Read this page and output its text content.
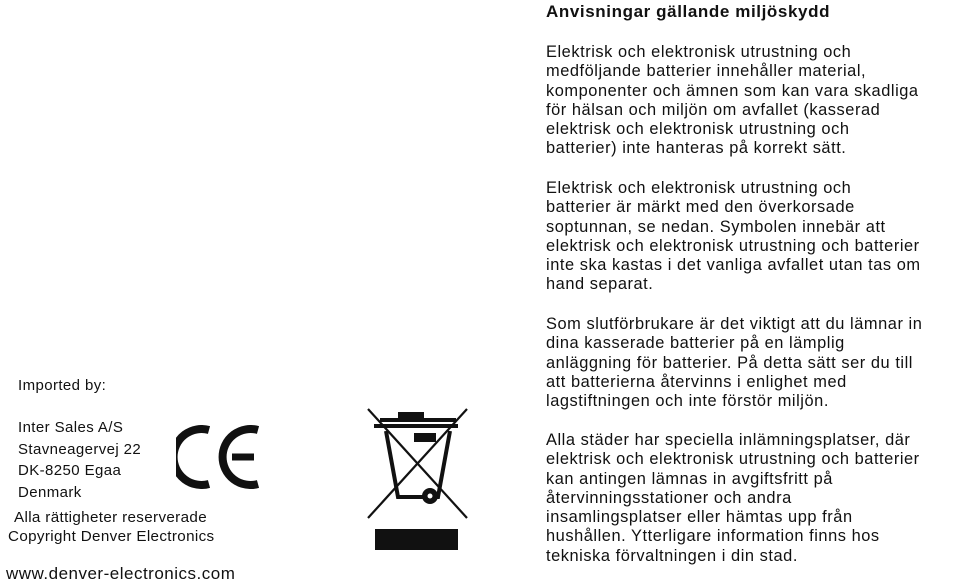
Anvisningar gällande miljöskydd
Elektrisk och elektronisk utrustning och
medföljande batterier innehåller material,
komponenter och ämnen som kan vara skadliga
för hälsan och miljön om avfallet (kasserad
elektrisk och elektronisk utrustning och
batterier) inte hanteras på korrekt sätt.
Elektrisk och elektronisk utrustning och
batterier är märkt med den överkorsade
soptunnan, se nedan. Symbolen innebär att
elektrisk och elektronisk utrustning och batterier
inte ska kastas i det vanliga avfallet utan tas om
hand separat.
Som slutförbrukare är det viktigt att du lämnar in
dina kasserade batterier på en lämplig
anläggning för batterier. På detta sätt ser du till
att batterierna återvinns i enlighet med
lagstiftningen och inte förstör miljön.
Alla städer har speciella inlämningsplatser, där
elektrisk och elektronisk utrustning och batterier
kan antingen lämnas in avgiftsfritt på
återvinningsstationer och andra
insamlingsplatser eller hämtas upp från
hushållen. Ytterligare information finns hos
tekniska förvaltningen i din stad.
Imported by:
Inter Sales A/S
Stavneagervej 22
DK-8250 Egaa
Denmark
Alla rättigheter reserverade
Copyright Denver Electronics
www.denver-electronics.com
